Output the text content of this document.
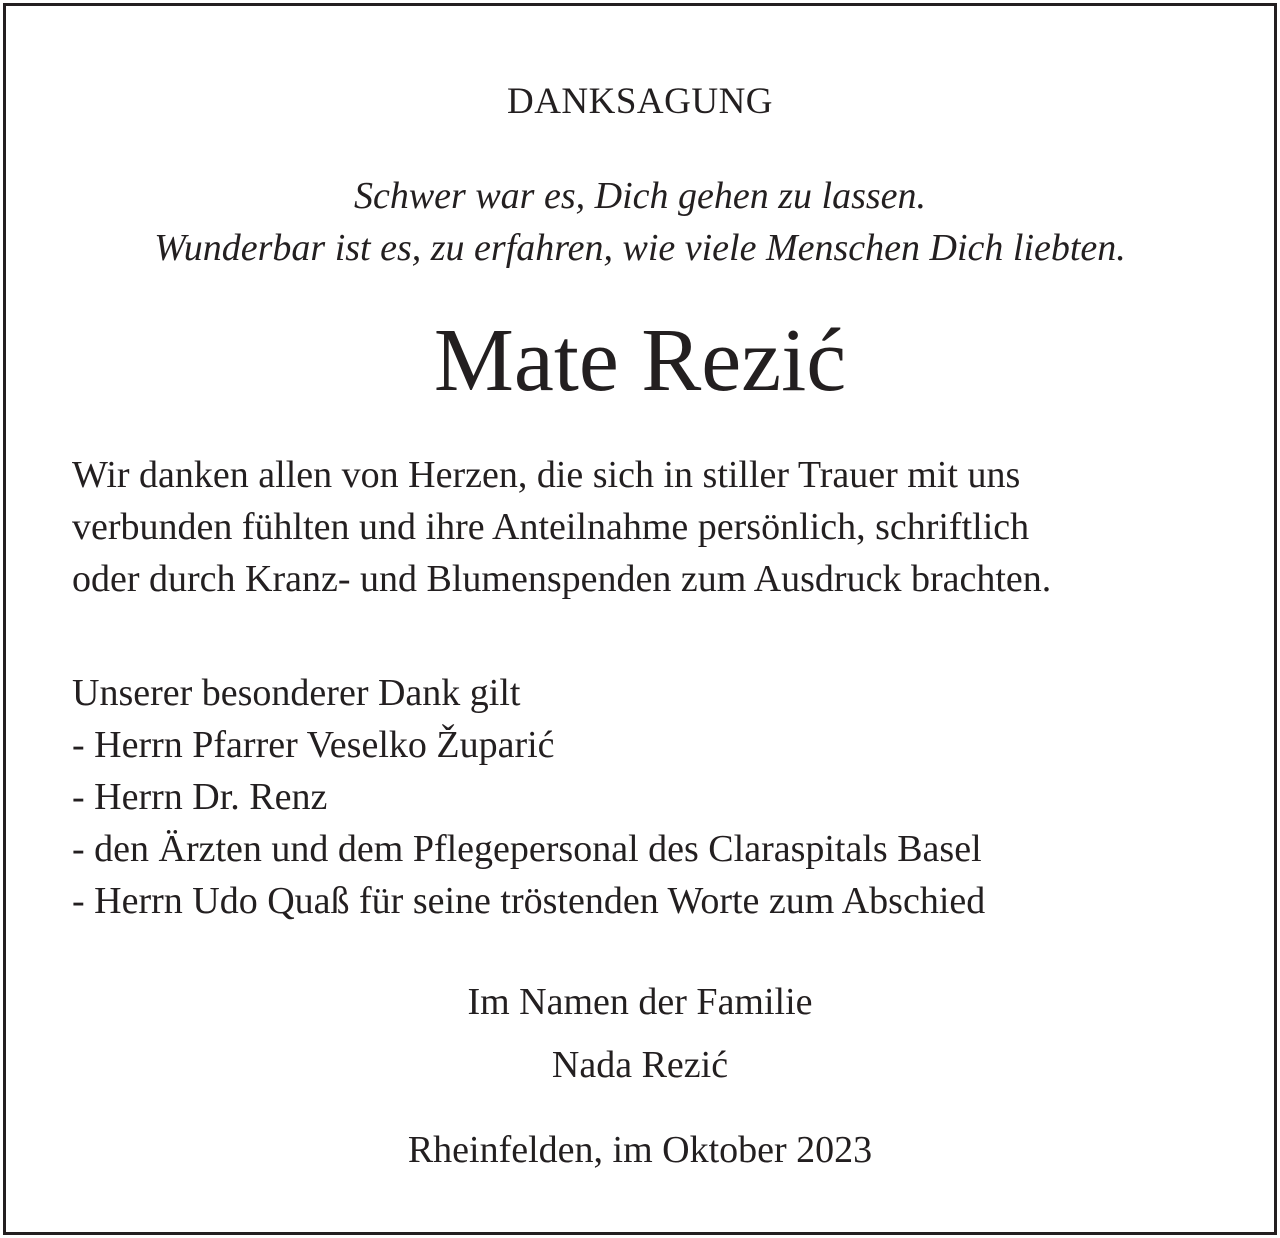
DANKSAGUNG

Schwer war es, Dich gehen zu lassen.

Wunderbar ist es, zu erfahren, wie viele Menschen Dich liebten.

Mate Rezić

Wir danken allen von Herzen, die sich in stiller Trauer mit uns

verbunden fühlten und ihre Anteilnahme persönlich, schriftlich

oder durch Kranz- und Blumenspenden zum Ausdruck brachten.

Unserer besonderer Dank gilt

- Herrn Pfarrer Veselko Župarić

- Herrn Dr. Renz

- den Ärzten und dem Pflegepersonal des Claraspitals Basel

- Herrn Udo Quaß für seine tröstenden Worte zum Abschied

Im Namen der Familie

Nada Rezić

Rheinfelden, im Oktober 2023
